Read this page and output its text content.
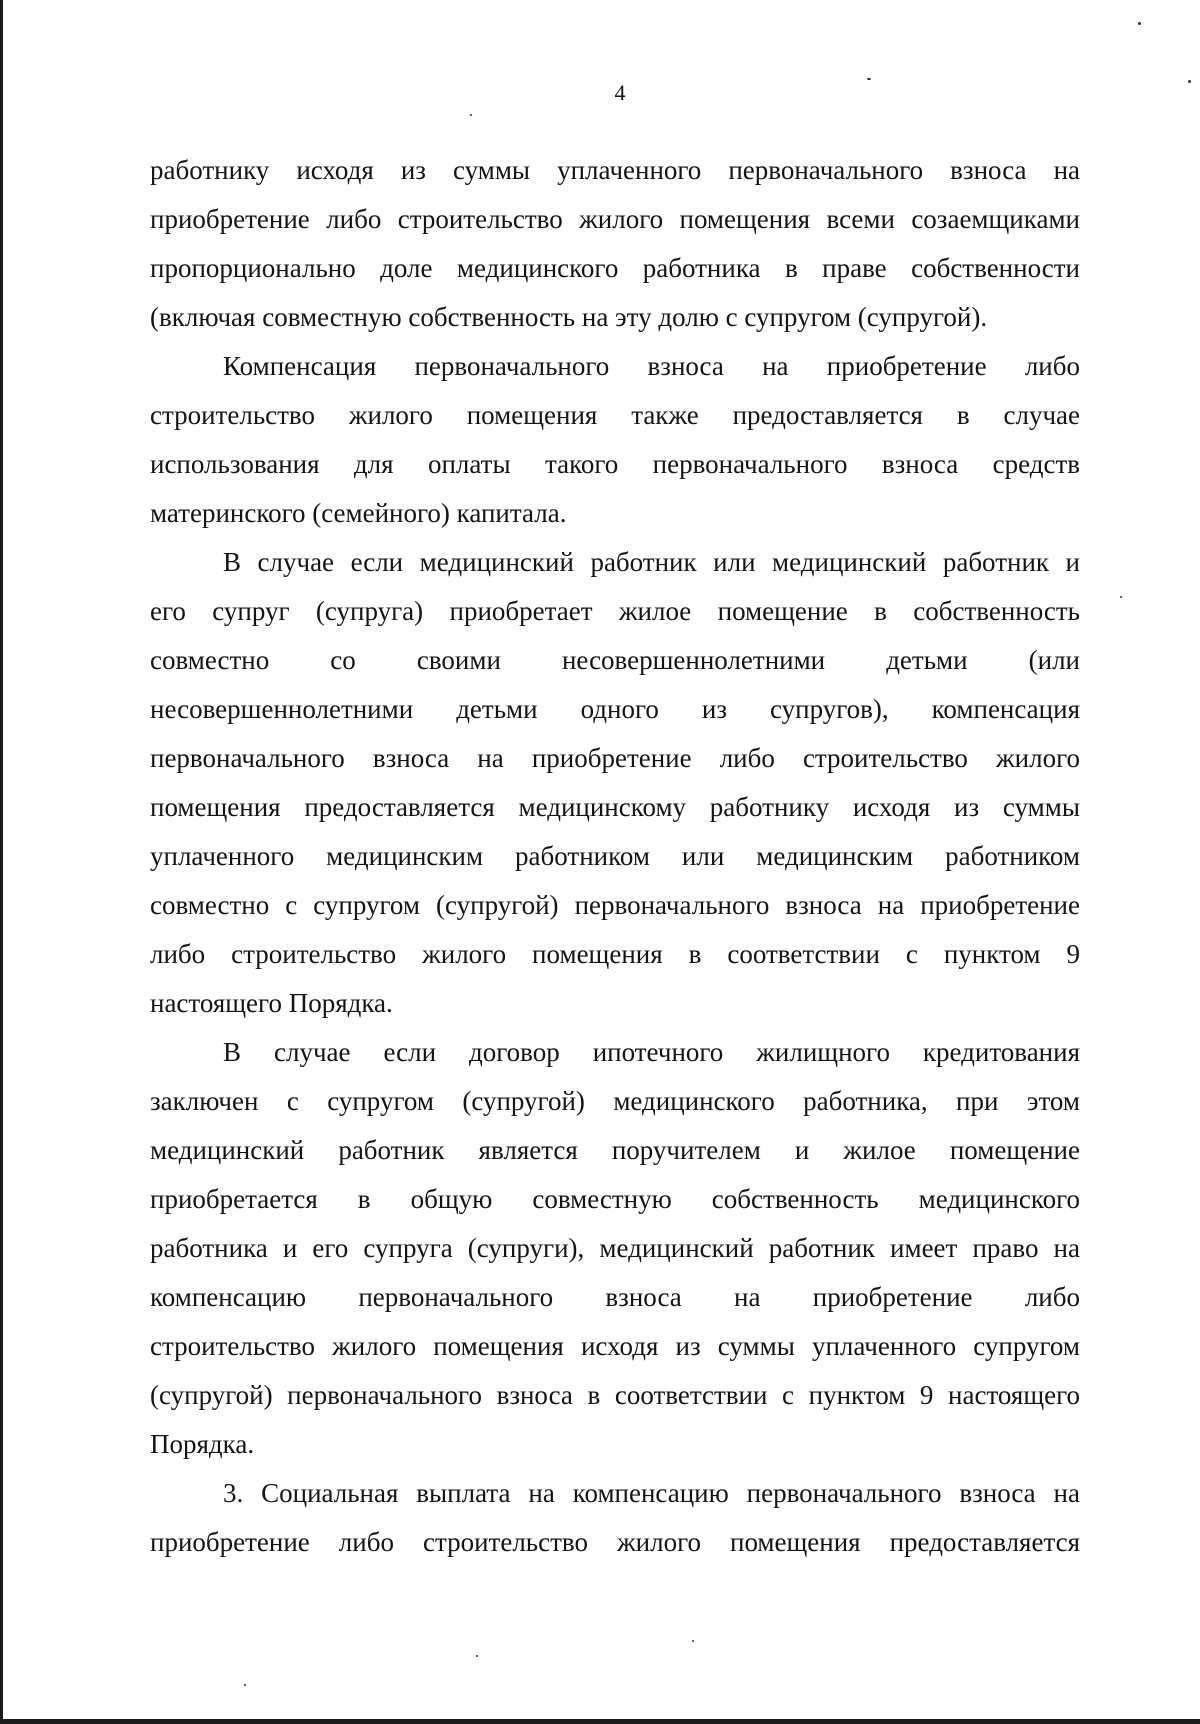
4

работнику исходя из суммы уплаченного первоначального взноса на
приобретение либо строительство жилого помещения всеми созаемщиками
пропорционально доле медицинского работника в праве собственности
(включая совместную собственность на эту долю с супругом (супругой).

Компенсация первоначального взноса на приобретение либо
строительство жилого помещения также предоставляется в случае
использования для оплаты такого первоначального взноса средств
материнского (семейного) капитала.

В случае если медицинский работник или медицинский работник и
его супруг (супруга) приобретает жилое помещение в собственность
совместно со своими несовершеннолетними детьми (или
несовершеннолетними детьми одного из супругов), компенсация
первоначального взноса на приобретение либо строительство жилого
помещения предоставляется медицинскому работнику исходя из суммы
уплаченного медицинским работником или медицинским работником
совместно с супругом (супругой) первоначального взноса на приобретение
либо строительство жилого помещения в соответствии с пунктом 9
настоящего Порядка.

В случае если договор ипотечного жилищного кредитования
заключен с супругом (супругой) медицинского работника, при этом
медицинский работник является поручителем и жилое помещение
приобретается в общую совместную собственность медицинского
работника и его супруга (супруги), медицинский работник имеет право на
компенсацию первоначального взноса на приобретение либо
строительство жилого помещения исходя из суммы уплаченного супругом
(супругой) первоначального взноса в соответствии с пунктом 9 настоящего
Порядка.

3. Социальная выплата на компенсацию первоначального взноса на
приобретение либо строительство жилого помещения предоставляется
